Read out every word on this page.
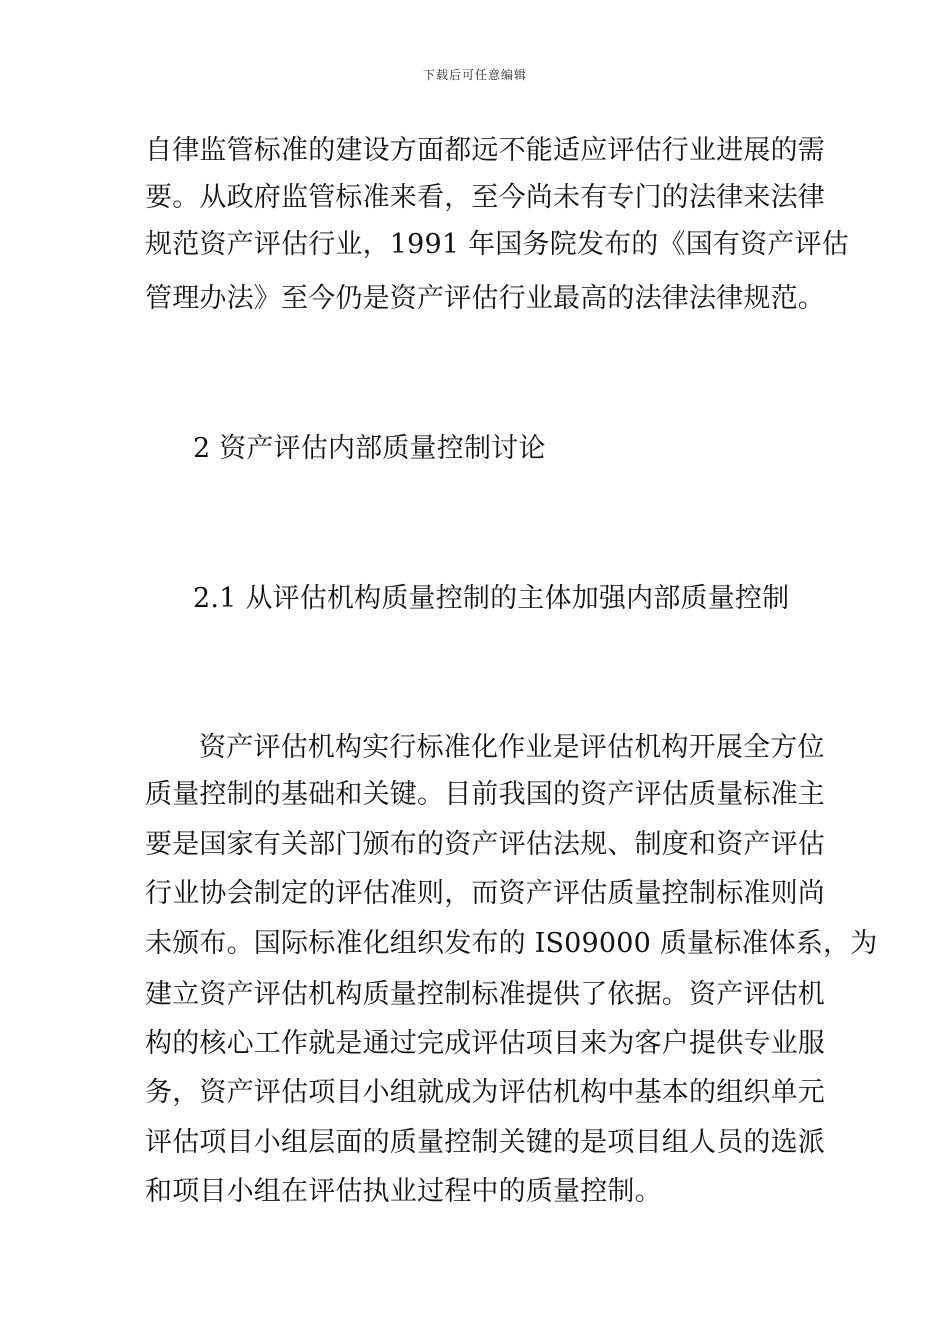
下载后可任意编辑
自律监管标准的建设方面都远不能适应评估行业进展的需
要。从政府监管标准来看，至今尚未有专门的法律来法律
规范资产评估行业，1991 年国务院发布的《国有资产评估
管理办法》至今仍是资产评估行业最高的法律法律规范。
2 资产评估内部质量控制讨论
2.1 从评估机构质量控制的主体加强内部质量控制
资产评估机构实行标准化作业是评估机构开展全方位
质量控制的基础和关键。目前我国的资产评估质量标准主
要是国家有关部门颁布的资产评估法规、制度和资产评估
行业协会制定的评估准则，而资产评估质量控制标准则尚
未颁布。国际标准化组织发布的 IS09000 质量标准体系，为
建立资产评估机构质量控制标准提供了依据。资产评估机
构的核心工作就是通过完成评估项目来为客户提供专业服
务，资产评估项目小组就成为评估机构中基本的组织单元
评估项目小组层面的质量控制关键的是项目组人员的选派
和项目小组在评估执业过程中的质量控制。
